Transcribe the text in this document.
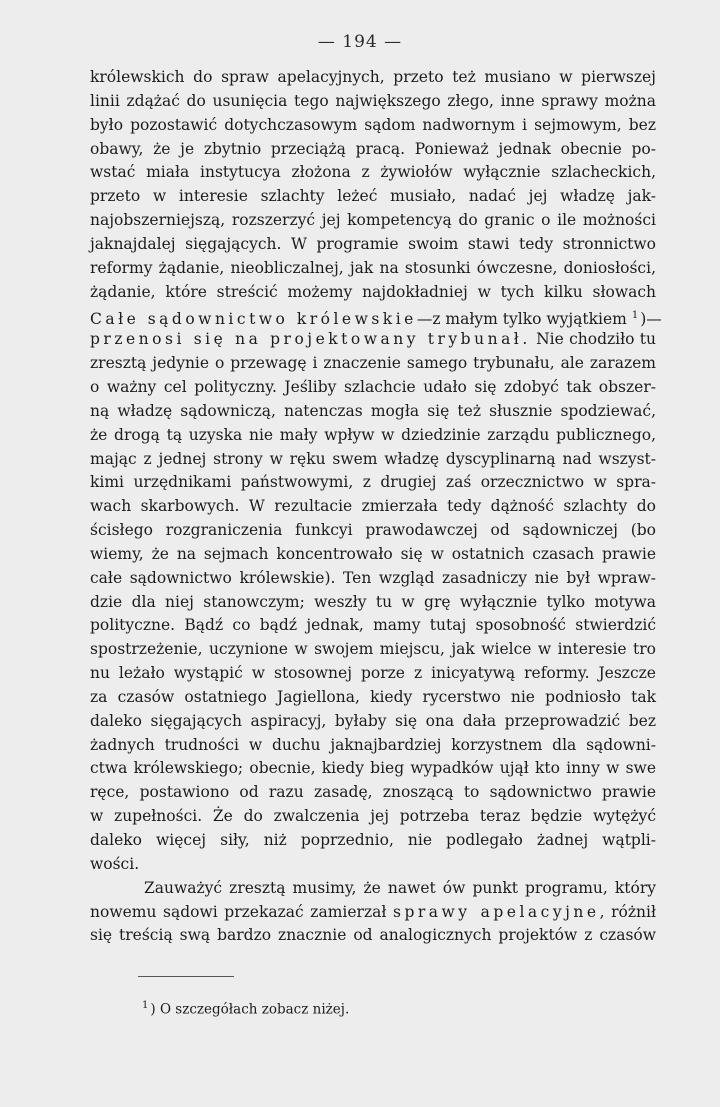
— 194 —
królewskich do spraw apelacyjnych, przeto też musiano w pierwszej
linii zdążać do usunięcia tego największego złego, inne sprawy można
było pozostawić dotychczasowym sądom nadwornym i sejmowym, bez
obawy, że je zbytnio przeciążą pracą. Ponieważ jednak obecnie po-
wstać miała instytucya złożona z żywiołów wyłącznie szlacheckich,
przeto w interesie szlachty leżeć musiało, nadać jej władzę jak-
najobszerniejszą, rozszerzyć jej kompetencyą do granic o ile możności
jaknajdalej sięgających. W programie swoim stawi tedy stronnictwo
reformy żądanie, nieobliczalnej, jak na stosunki ówczesne, doniosłości,
żądanie, które streścić możemy najdokładniej w tych kilku słowach
Całe sądownictwo królewskie—z małym tylko wyjątkiem $^1$ )—
przenosi się na projektowany trybunał. Nie chodziło tu
zresztą jedynie o przewagę i znaczenie samego trybunału, ale zarazem
o ważny cel polityczny. Jeśliby szlachcie udało się zdobyć tak obszer-
ną władzę sądowniczą, natenczas mogła się też słusznie spodziewać,
że drogą tą uzyska nie mały wpływ w dziedzinie zarządu publicznego,
mając z jednej strony w ręku swem władzę dyscyplinarną nad wszyst-
kimi urzędnikami państwowymi, z drugiej zaś orzecznictwo w spra-
wach skarbowych. W rezultacie zmierzała tedy dążność szlachty do
ścisłego rozgraniczenia funkcyi prawodawczej od sądowniczej (bo
wiemy, że na sejmach koncentrowało się w ostatnich czasach prawie
całe sądownictwo królewskie). Ten wzgląd zasadniczy nie był wpraw-
dzie dla niej stanowczym; weszły tu w grę wyłącznie tylko motywa
polityczne. Bądź co bądź jednak, mamy tutaj sposobność stwierdzić
spostrzeżenie, uczynione w swojem miejscu, jak wielce w interesie tro
nu leżało wystąpić w stosownej porze z inicyatywą reformy. Jeszcze
za czasów ostatniego Jagiellona, kiedy rycerstwo nie podniosło tak
daleko sięgających aspiracyj, byłaby się ona dała przeprowadzić bez
żadnych trudności w duchu jaknajbardziej korzystnem dla sądowni-
ctwa królewskiego; obecnie, kiedy bieg wypadków ujął kto inny w swe
ręce, postawiono od razu zasadę, znoszącą to sądownictwo prawie
w zupełności. Że do zwalczenia jej potrzeba teraz będzie wytężyć
daleko więcej siły, niż poprzednio, nie podlegało żadnej wątpli-
wości.
Zauważyć zresztą musimy, że nawet ów punkt programu, który
nowemu sądowi przekazać zamierzał sprawy apelacyjne, różnił
się treścią swą bardzo znacznie od analogicznych projektów z czasów
$^1$ ) O szczegółach zobacz niżej.
